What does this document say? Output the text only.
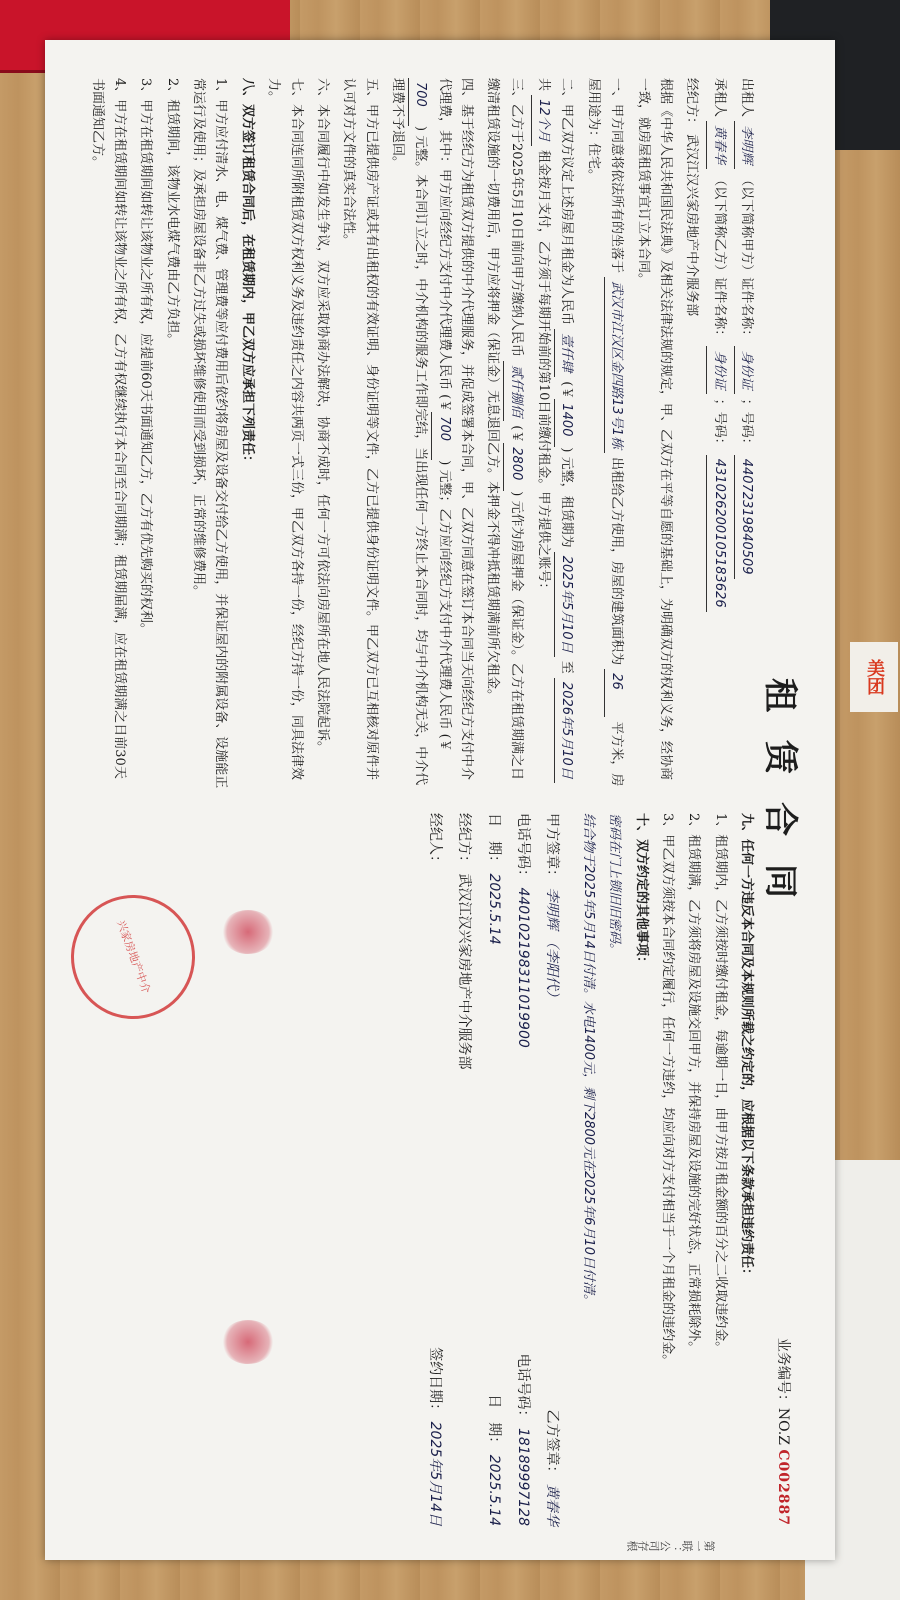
美团
租赁合同
业务编号：NO.Z C002887

出租人 李明辉 （以下简称甲方）证件名称： 身份证 ；号码： 44072319840509

承租人 黄春华 （以下简称乙方）证件名称： 身份证 ；号码： 431026200105183626

经纪方： 武汉江汉兴家房地产中介服务部

根据《中华人民共和国民法典》及相关法律法规的规定，甲、乙双方在平等自愿的基础上，为明确双方的权利义务，经协商一致，就房屋租赁事宜订立本合同。

一、甲方同意将依法所有的坐落于 武汉市江汉区金四路13号1栋 出租给乙方使用，房屋的建筑面积为 26 平方米，房屋用途为：住宅。

二、甲乙双方议定上述房屋月租金为人民币 壹仟肆 (￥1400) 元整，租赁期为 2025年5月10日 至 2026年5月10日 共 12个月 租金按月支付，乙方须于每期开始前的第10日前缴付租金。甲方提供之账号：

三、乙方于2025年5月10日前向甲方缴纳人民币 贰仟捌佰 (￥2800) 元作为房屋押金（保证金）。乙方在租赁期满之日缴清租赁设施的一切费用后，甲方应将押金（保证金）无息退回乙方。本押金不得冲抵租赁期满前所欠租金。

四、基于经纪方为租赁双方提供的中介代理服务，并促成签署本合同，甲、乙双方同意在签订本合同当天向经纪方支付中介代理费，其中：甲方应向经纪方支付中介代理费人民币 (￥700) 元整；乙方应向经纪方支付中介代理费人民币 (￥700) 元整。本合同订立之时，中介机构的服务工作即完结，当出现任何一方终止本合同时，均与中介机构无关，中介代理费不予退回。

五、甲方已提供房产证或其有出租权的有效证明、身份证明等文件，乙方已提供身份证明文件。甲乙双方已互相核对原件并认可对方文件的真实合法性。

六、本合同履行中如发生争议，双方应采取协商办法解决，协商不成时，任何一方可依法向房屋所在地人民法院起诉。

七、本合同连同所附租赁双方权利义务及违约责任之内容共两页一式三份，甲乙双方各持一份，经纪方持一份，同具法律效力。

八、双方签订租赁合同后，在租赁期内，甲乙双方应承担下列责任：

1、甲方应付清水、电、煤气费、管理费等应付费用后依约将房屋及设备交付给乙方使用，并保证屋内的附属设备、设施能正常运行及使用；及承担房屋设备非乙方过失或损坏维修使用而受到损坏，正常的维修费用。

2、租赁期间，该物业水电煤气费由乙方负担。

3、甲方在租赁期间如转让该物业之所有权，应提前60天书面通知乙方，乙方有优先购买的权利。

4、甲方在租赁期间如转让该物业之所有权，乙方有权继续执行本合同至合同期满；租赁期届满，应在租赁期满之日前30天书面通知乙方。

九、任何一方违反本合同及本规则所载之约定的，应根据以下条款承担违约责任：

1、租赁期内，乙方须按时缴付租金，每逾期一日，由甲方按月租金额的百分之二收取违约金。

2、租赁期满，乙方须将房屋及设施交回甲方，并保持房屋及设施的完好状态，正常损耗除外。

3、甲乙双方须按本合同约定履行，任何一方违约，均应向对方支付相当于一个月租金的违约金。

十、双方约定的其他事项：

密码在门上锁旧旧密码。

结合物于2025年5月14日付清。水电1400元，剩下2800元在2025年6月10日付清。

甲方签章： 李明辉 （李阳代）
乙方签章： 黄春华
电话号码： 440102198311019900
电话号码： 18189997128
日　期： 2025.5.14
日　期： 2025.5.14
经纪方： 武汉江汉兴家房地产中介服务部
经纪人：
签约日期： 2025年5月14日
兴家房地产中介
第一联：公司存根
